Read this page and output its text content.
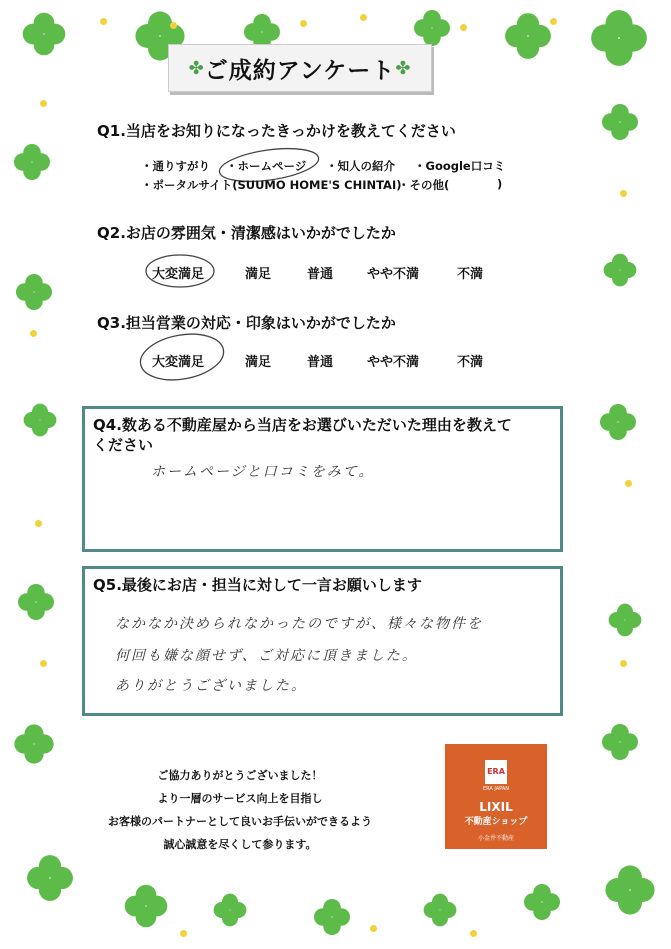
✤ ご成約アンケート ✤
Q1.当店をお知りになったきっかけを教えてください
・通りすがり ・ホームページ ・知人の紹介 ・Google口コミ
・ポータルサイト(SUUMO HOME'S CHINTAI)
・その他(	)
Q2.お店の雰囲気・清潔感はいかがでしたか
大変満足	満足	普通	やや不満	不満
Q3.担当営業の対応・印象はいかがでしたか
大変満足	満足	普通	やや不満	不満
Q4.数ある不動産屋から当店をお選びいただいた理由を教えて
ください
ホームページと口コミをみて。
Q5.最後にお店・担当に対して一言お願いします
なかなか決められなかったのですが、様々な物件を
何回も嫌な顔せず、ご対応に頂きました。
ありがとうございました。
ご協力ありがとうございました！
より一層のサービス向上を目指し
お客様のパートナーとして良いお手伝いができるよう
誠心誠意を尽くして参ります。
ERA
ERA JAPAN
LIXIL
不動産ショップ
小金井不動産
